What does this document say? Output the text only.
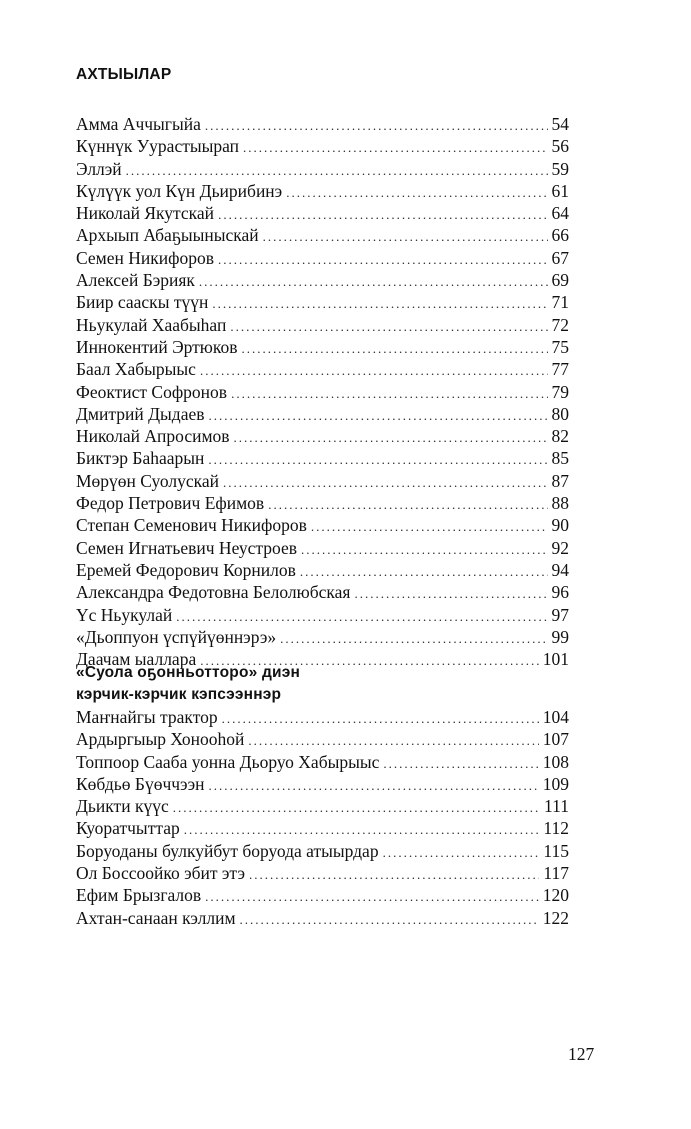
АХТЫЫЛАР
Амма Аччыгыйа .....	54
Күннүк Уурастыырап .....	56
Эллэй .....	59
Күлүүк уол Күн Дьирибинэ .....	61
Николай Якутскай .....	64
Архыып Абаҕыыныскай .....	66
Семен Никифоров .....	67
Алексей Бэрияк .....	69
Биир сааскы түүн .....	71
Ньукулай Хаабыһап .....	72
Иннокентий Эртюков .....	75
Баал Хабырыыс .....	77
Феоктист Софронов .....	79
Дмитрий Дыдаев .....	80
Николай Апросимов .....	82
Биктэр Баһаарын .....	85
Мөрүөн Суолускай .....	87
Федор Петрович Ефимов .....	88
Степан Семенович Никифоров .....	90
Семен Игнатьевич Неустроев .....	92
Еремей Федорович Корнилов .....	94
Александра Федотовна Белолюбская .....	96
Үс Ньукулай .....	97
«Дьоппуон үспүйүөннэрэ» .....	99
Даачам ыаллара .....	101
«Суола оҕонньотторо» диэн
кэрчик-кэрчик кэпсээннэр
Маҥнайгы трактор .....	104
Ардыргыыр Хонооһой .....	107
Топпоор Сааба уонна Дьоруо Хабырыыс .....	108
Көбдьө Бүөччээн .....	109
Дьикти күүс .....	111
Куоратчыттар .....	112
Боруоданы булкуйбут боруода атыырдар .....	115
Ол Боссоойко эбит этэ .....	117
Ефим Брызгалов .....	120
Ахтан-санаан кэллим .....	122
127
